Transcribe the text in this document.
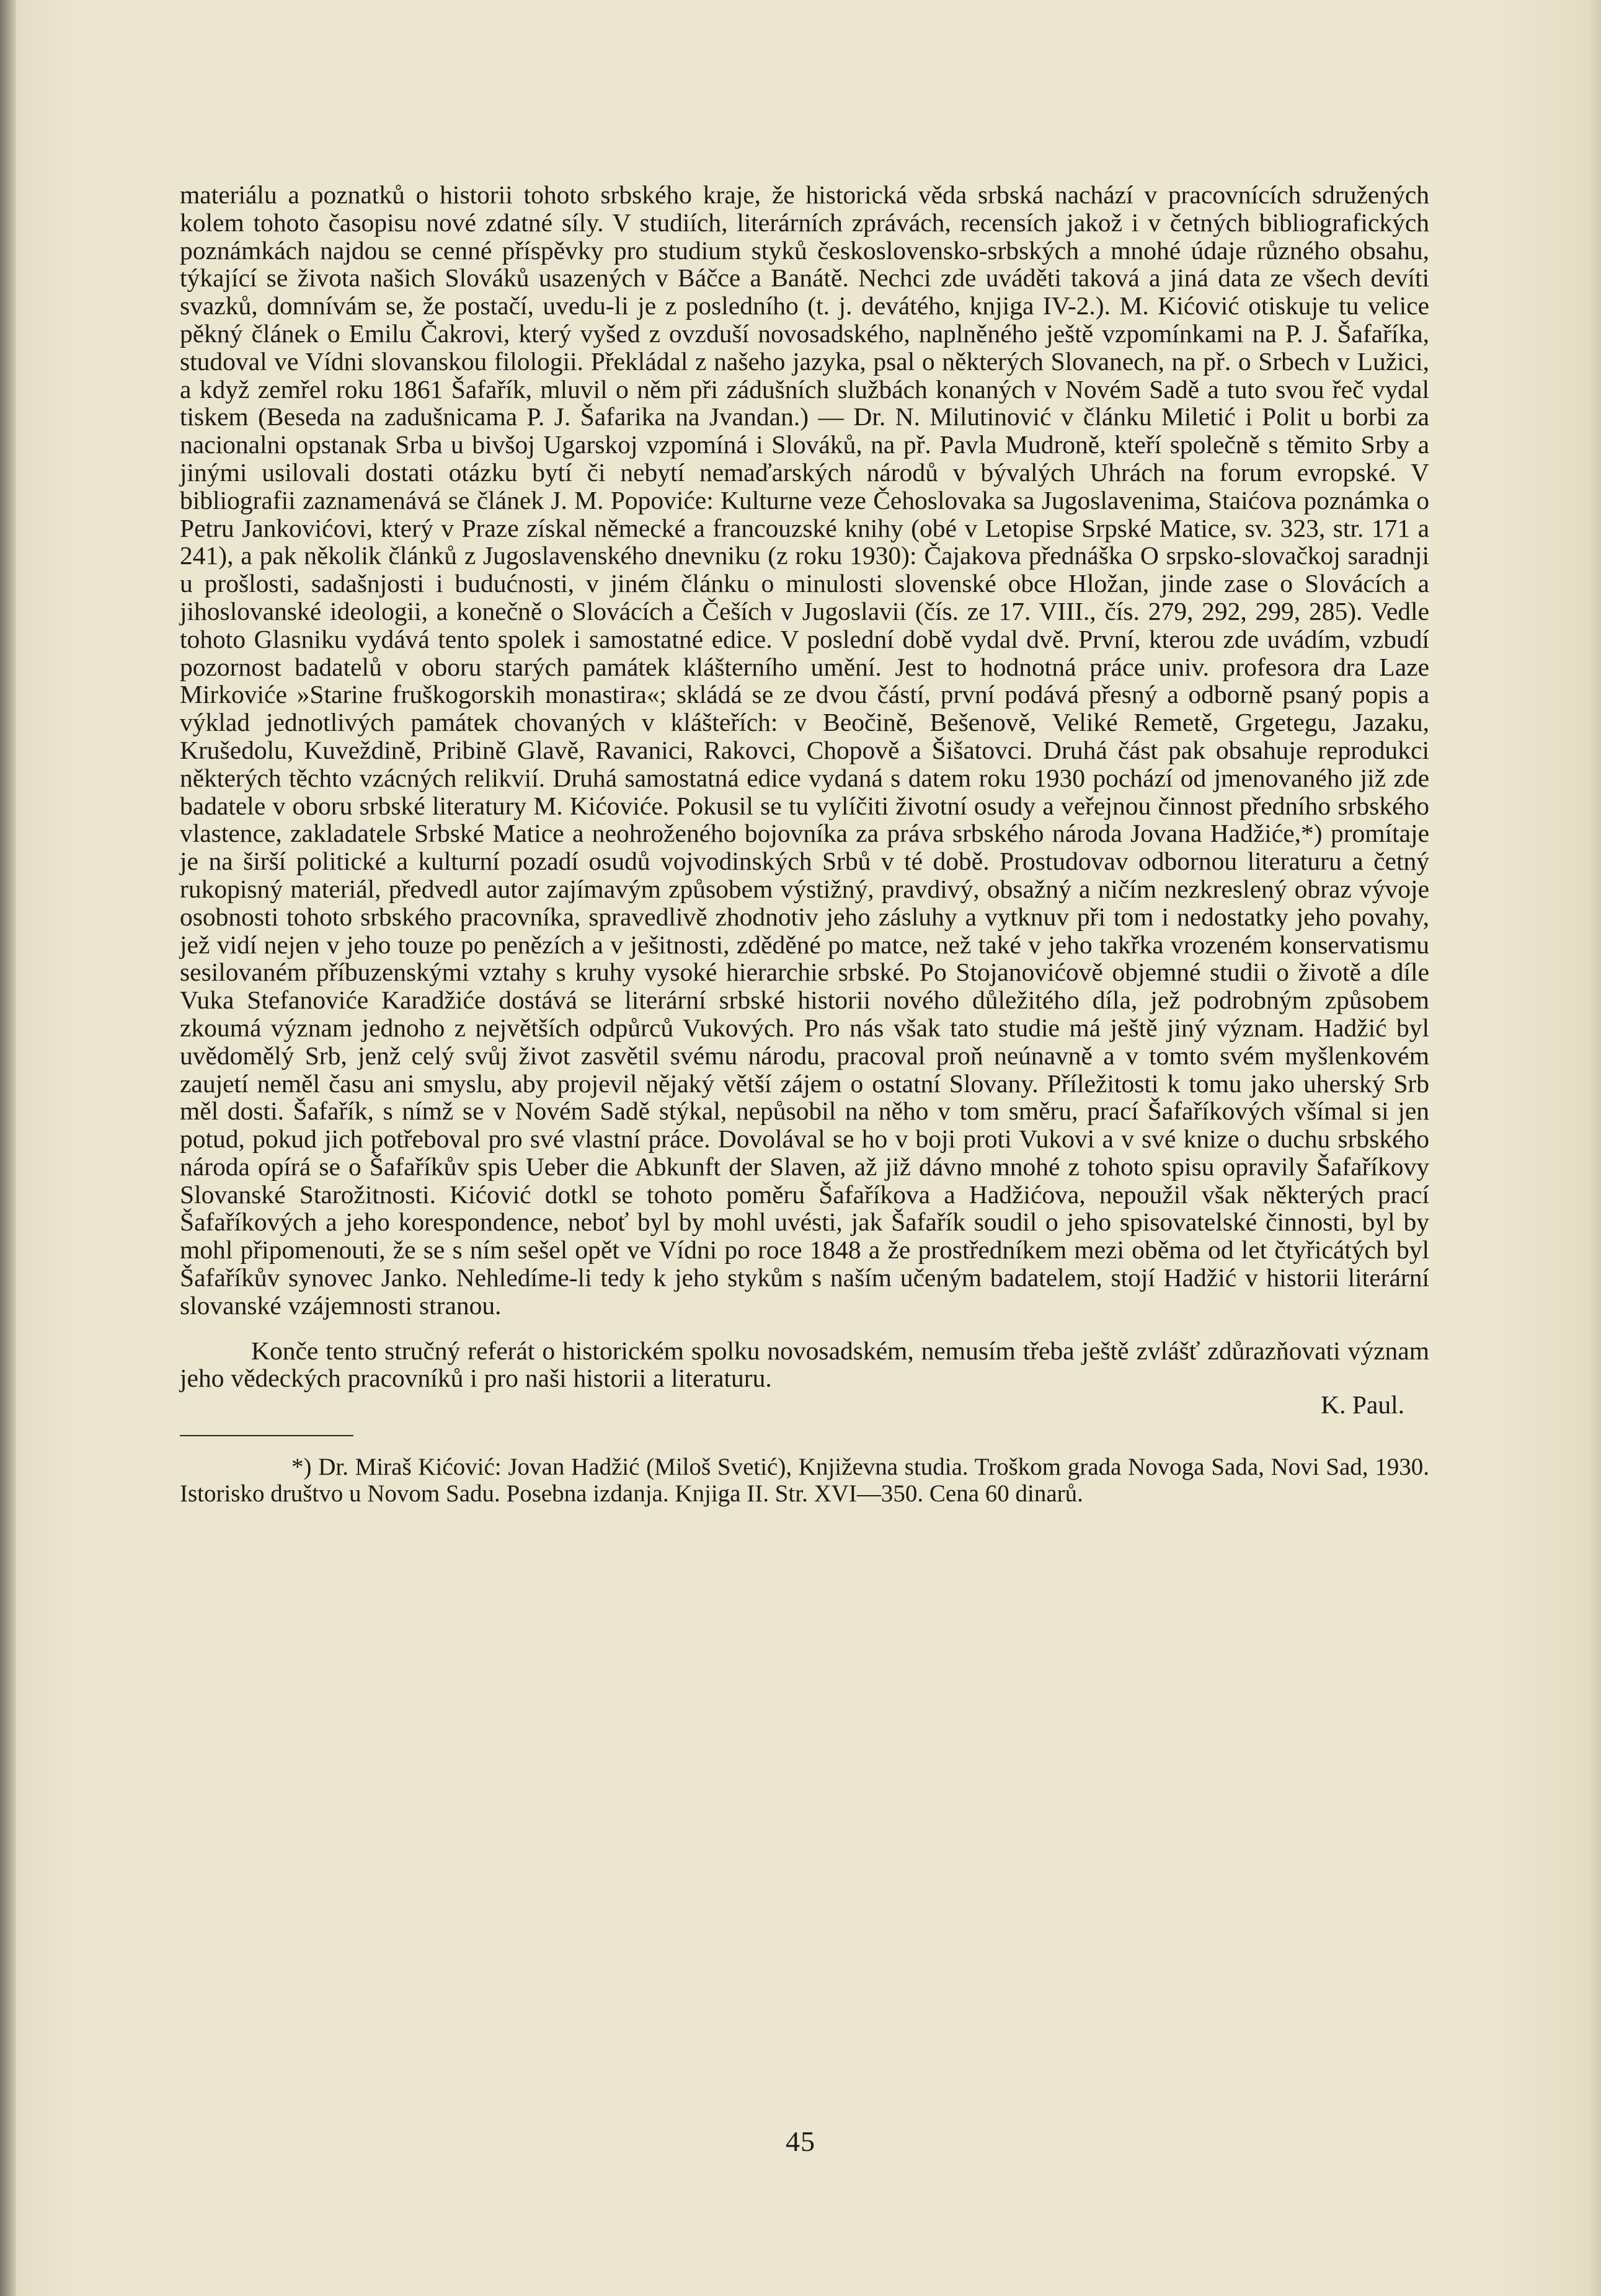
materiálu a poznatků o historii tohoto srbského kraje, že historická věda srbská nachází v pracovnících sdružených kolem tohoto časopisu nové zdatné síly. V studiích, literárních zprávách, recensích jakož i v četných bibliografických poznámkách najdou se cenné příspěvky pro studium styků československo-srbských a mnohé údaje různého obsahu, týkající se života našich Slováků usazených v Báčce a Banátě. Nechci zde uváděti taková a jiná data ze všech devíti svazků, domnívám se, že postačí, uvedu-li je z posledního (t. j. devátého, knjiga IV-2.). M. Kićović otiskuje tu velice pěkný článek o Emilu Čakrovi, který vyšed z ovzduší novosadského, naplněného ještě vzpomínkami na P. J. Šafaříka, studoval ve Vídni slovanskou filologii. Překládal z našeho jazyka, psal o některých Slovanech, na př. o Srbech v Lužici, a když zemřel roku 1861 Šafařík, mluvil o něm při zádušních službách konaných v Novém Sadě a tuto svou řeč vydal tiskem (Beseda na zadušnicama P. J. Šafarika na Jvandan.) — Dr. N. Milutinović v článku Miletić i Polit u borbi za nacionalni opstanak Srba u bivšoj Ugarskoj vzpomíná i Slováků, na př. Pavla Mudroně, kteří společně s těmito Srby a jinými usilovali dostati otázku bytí či nebytí nemaďarských národů v bývalých Uhrách na forum evropské. V bibliografii zaznamenává se článek J. M. Popoviće: Kulturne veze Čehoslovaka sa Jugoslavenima, Staićova poznámka o Petru Jankovićovi, který v Praze získal německé a francouzské knihy (obé v Letopise Srpské Matice, sv. 323, str. 171 a 241), a pak několik článků z Jugoslavenského dnevniku (z roku 1930): Čajakova přednáška O srpsko-slovačkoj saradnji u prošlosti, sadašnjosti i budućnosti, v jiném článku o minulosti slovenské obce Hložan, jinde zase o Slovácích a jihoslovanské ideologii, a konečně o Slovácích a Češích v Jugoslavii (čís. ze 17. VIII., čís. 279, 292, 299, 285). Vedle tohoto Glasniku vydává tento spolek i samostatné edice. V poslední době vydal dvě. První, kterou zde uvádím, vzbudí pozornost badatelů v oboru starých památek klášterního umění. Jest to hodnotná práce univ. profesora dra Laze Mirkoviće »Starine fruškogorskih monastira«; skládá se ze dvou částí, první podává přesný a odborně psaný popis a výklad jednotlivých památek chovaných v klášteřích: v Beočině, Bešenově, Veliké Remetě, Grgetegu, Jazaku, Krušedolu, Kuveždině, Pribině Glavě, Ravanici, Rakovci, Chopově a Šišatovci. Druhá část pak obsahuje reprodukci některých těchto vzácných relikvií. Druhá samostatná edice vydaná s datem roku 1930 pochází od jmenovaného již zde badatele v oboru srbské literatury M. Kićoviće. Pokusil se tu vylíčiti životní osudy a veřejnou činnost předního srbského vlastence, zakladatele Srbské Matice a neohroženého bojovníka za práva srbského národa Jovana Hadžiće,*) promítaje je na širší politické a kulturní pozadí osudů vojvodinských Srbů v té době. Prostudovav odbornou literaturu a četný rukopisný materiál, předvedl autor zajímavým způsobem výstižný, pravdivý, obsažný a ničím nezkreslený obraz vývoje osobnosti tohoto srbského pracovníka, spravedlivě zhodnotiv jeho zásluhy a vytknuv při tom i nedostatky jeho povahy, jež vidí nejen v jeho touze po penězích a v ješitnosti, zděděné po matce, než také v jeho takřka vrozeném konservatismu sesilovaném příbuzenskými vztahy s kruhy vysoké hierarchie srbské. Po Stojanovićově objemné studii o životě a díle Vuka Stefanoviće Karadžiće dostává se literární srbské historii nového důležitého díla, jež podrobným způsobem zkoumá význam jednoho z největších odpůrců Vukových. Pro nás však tato studie má ještě jiný význam. Hadžić byl uvědomělý Srb, jenž celý svůj život zasvětil svému národu, pracoval proň neúnavně a v tomto svém myšlenkovém zaujetí neměl času ani smyslu, aby projevil nějaký větší zájem o ostatní Slovany. Příležitosti k tomu jako uherský Srb měl dosti. Šafařík, s nímž se v Novém Sadě stýkal, nepůsobil na něho v tom směru, prací Šafaříkových všímal si jen potud, pokud jich potřeboval pro své vlastní práce. Dovolával se ho v boji proti Vukovi a v své knize o duchu srbského národa opírá se o Šafaříkův spis Ueber die Abkunft der Slaven, až již dávno mnohé z tohoto spisu opravily Šafaříkovy Slovanské Starožitnosti. Kićović dotkl se tohoto poměru Šafaříkova a Hadžićova, nepoužil však některých prací Šafaříkových a jeho korespondence, neboť byl by mohl uvésti, jak Šafařík soudil o jeho spisovatelské činnosti, byl by mohl připomenouti, že se s ním sešel opět ve Vídni po roce 1848 a že prostředníkem mezi oběma od let čtyřicátých byl Šafaříkův synovec Janko. Nehledíme-li tedy k jeho stykům s naším učeným badatelem, stojí Hadžić v historii literární slovanské vzájemnosti stranou.

Konče tento stručný referát o historickém spolku novosadském, nemusím třeba ještě zvlášť zdůrazňovati význam jeho vědeckých pracovníků i pro naši historii a literaturu.

K. Paul.

*) Dr. Miraš Kićović: Jovan Hadžić (Miloš Svetić), Književna studia. Troškom grada Novoga Sada, Novi Sad, 1930. Istorisko društvo u Novom Sadu. Posebna izdanja. Knjiga II. Str. XVI—350. Cena 60 dinarů.

45
